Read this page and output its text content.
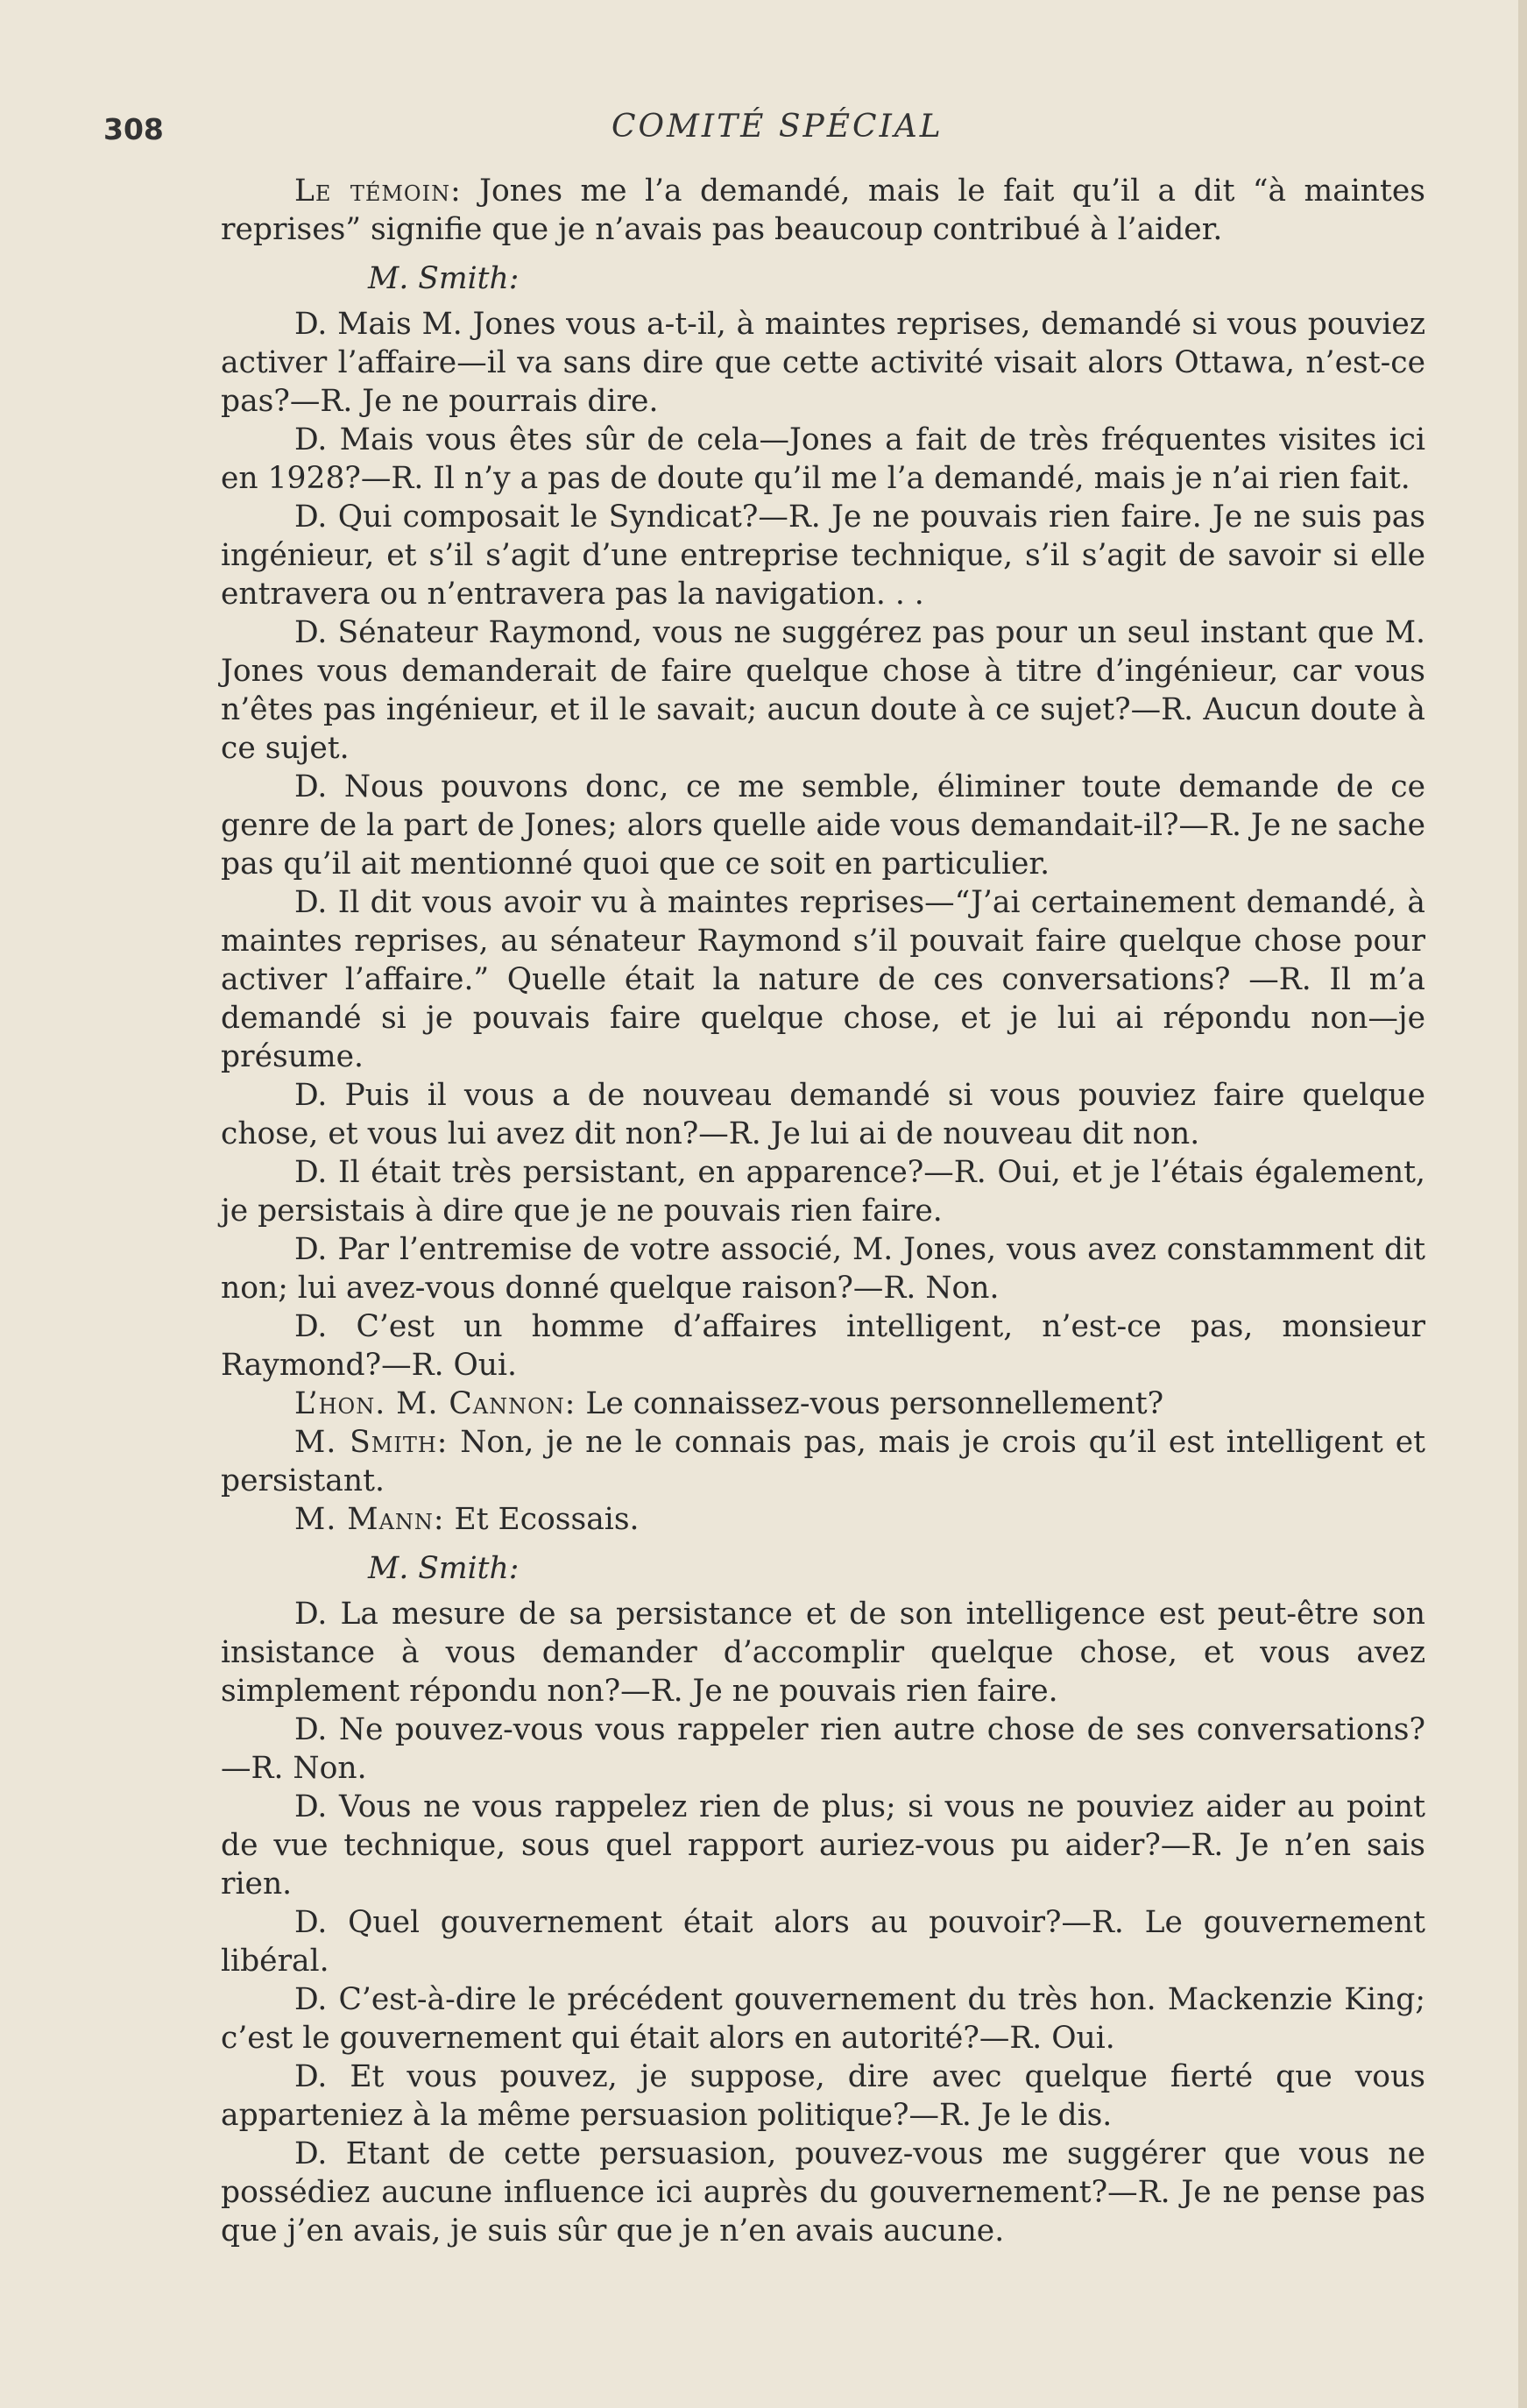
308	COMITÉ SPÉCIAL

Le témoin: Jones me l’a demandé, mais le fait qu’il a dit “à maintes reprises” signifie que je n’avais pas beaucoup contribué à l’aider.

M. Smith:

D. Mais M. Jones vous a-t-il, à maintes reprises, demandé si vous pouviez activer l’affaire—il va sans dire que cette activité visait alors Ottawa, n’est-ce pas?—R. Je ne pourrais dire.

D. Mais vous êtes sûr de cela—Jones a fait de très fréquentes visites ici en 1928?—R. Il n’y a pas de doute qu’il me l’a demandé, mais je n’ai rien fait.

D. Qui composait le Syndicat?—R. Je ne pouvais rien faire. Je ne suis pas ingénieur, et s’il s’agit d’une entreprise technique, s’il s’agit de savoir si elle entravera ou n’entravera pas la navigation. . .

D. Sénateur Raymond, vous ne suggérez pas pour un seul instant que M. Jones vous demanderait de faire quelque chose à titre d’ingénieur, car vous n’êtes pas ingénieur, et il le savait; aucun doute à ce sujet?—R. Aucun doute à ce sujet.

D. Nous pouvons donc, ce me semble, éliminer toute demande de ce genre de la part de Jones; alors quelle aide vous demandait-il?—R. Je ne sache pas qu’il ait mentionné quoi que ce soit en particulier.

D. Il dit vous avoir vu à maintes reprises—“J’ai certainement demandé, à maintes reprises, au sénateur Raymond s’il pouvait faire quelque chose pour activer l’affaire.” Quelle était la nature de ces conversations? —R. Il m’a demandé si je pouvais faire quelque chose, et je lui ai répondu non—je présume.

D. Puis il vous a de nouveau demandé si vous pouviez faire quelque chose, et vous lui avez dit non?—R. Je lui ai de nouveau dit non.

D. Il était très persistant, en apparence?—R. Oui, et je l’étais également, je persistais à dire que je ne pouvais rien faire.

D. Par l’entremise de votre associé, M. Jones, vous avez constamment dit non; lui avez-vous donné quelque raison?—R. Non.

D. C’est un homme d’affaires intelligent, n’est-ce pas, monsieur Raymond?—R. Oui.

L’hon. M. Cannon: Le connaissez-vous personnellement?

M. Smith: Non, je ne le connais pas, mais je crois qu’il est intelligent et persistant.

M. Mann: Et Ecossais.

M. Smith:

D. La mesure de sa persistance et de son intelligence est peut-être son insistance à vous demander d’accomplir quelque chose, et vous avez simplement répondu non?—R. Je ne pouvais rien faire.

D. Ne pouvez-vous vous rappeler rien autre chose de ses conversations?—R. Non.

D. Vous ne vous rappelez rien de plus; si vous ne pouviez aider au point de vue technique, sous quel rapport auriez-vous pu aider?—R. Je n’en sais rien.

D. Quel gouvernement était alors au pouvoir?—R. Le gouvernement libéral.

D. C’est-à-dire le précédent gouvernement du très hon. Mackenzie King; c’est le gouvernement qui était alors en autorité?—R. Oui.

D. Et vous pouvez, je suppose, dire avec quelque fierté que vous apparteniez à la même persuasion politique?—R. Je le dis.

D. Etant de cette persuasion, pouvez-vous me suggérer que vous ne possédiez aucune influence ici auprès du gouvernement?—R. Je ne pense pas que j’en avais, je suis sûr que je n’en avais aucune.
